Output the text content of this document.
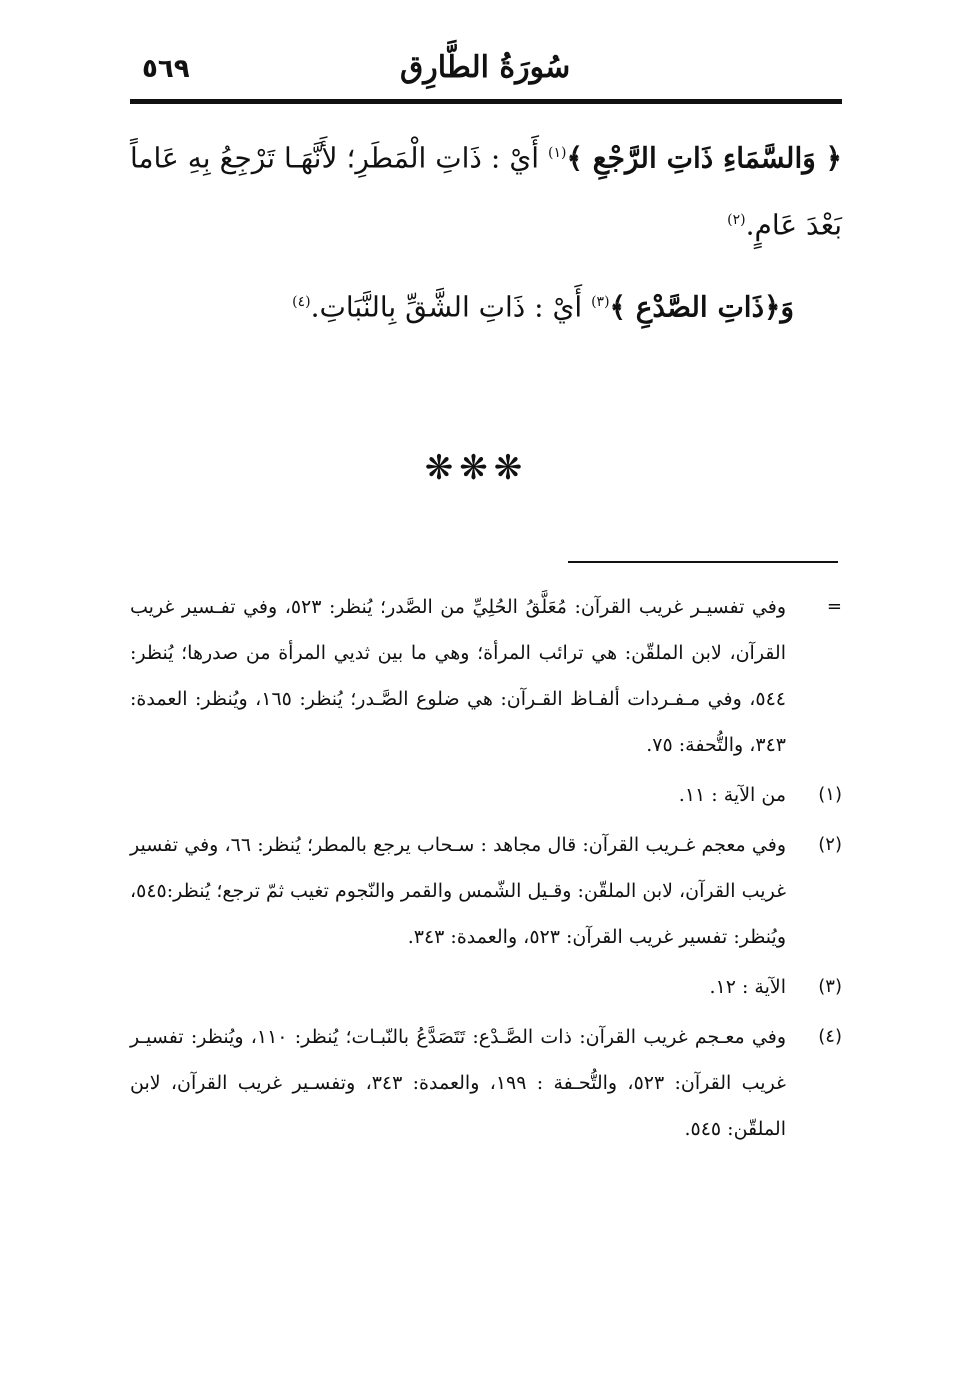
٥٦٩	سُورَةُ الطَّارِق

﴿ وَالسَّمَاءِ ذَاتِ الرَّجْعِ ﴾$^{(١)}$ أَيْ : ذَاتِ الْمَطَرِ؛ لأَنَّهَـا تَرْجِعُ بِهِ عَاماً بَعْدَ عَامٍ.$^{(٢)}$

وَ﴿ذَاتِ الصَّدْعِ ﴾$^{(٣)}$ أَيْ : ذَاتِ الشَّقِّ بِالنَّبَاتِ.$^{(٤)}$

❋❋❋

=
وفي تفسيـر غريب القرآن: مُعَلَّقُ الحُلِيِّ من الصَّدر؛ يُنظر: ٥٢٣، وفي تفـسير غريب القرآن، لابن الملقّن: هي ترائب المرأة؛ وهي ما بين ثديي المرأة من صدرها؛ يُنظر: ٥٤٤، وفي مـفـردات ألفـاظ القـرآن: هي ضلوع الصَّـدر؛ يُنظر: ١٦٥، ويُنظر: العمدة: ٣٤٣، والتُّحفة: ٧٥.

(١)
من الآية : ١١.

(٢)
وفي معجم غـريب القرآن: قال مجاهد : سـحاب يرجع بالمطر؛ يُنظر: ٦٦، وفي تفسير غريب القرآن، لابن الملقّن: وقـيل الشّمس والقمر والنّجوم تغيب ثمّ ترجع؛ يُنظر:٥٤٥، ويُنظر: تفسير غريب القرآن: ٥٢٣، والعمدة: ٣٤٣.

(٣)
الآية : ١٢.

(٤)
وفي معـجم غريب القرآن: ذات الصَّـدْع: تَتَصَدَّعُ بالنّبـات؛ يُنظر: ١١٠، ويُنظر: تفسيـر غريب القرآن: ٥٢٣، والتُّحـفة : ١٩٩، والعمدة: ٣٤٣، وتفسـير غريب القرآن، لابن الملقّن: ٥٤٥.
